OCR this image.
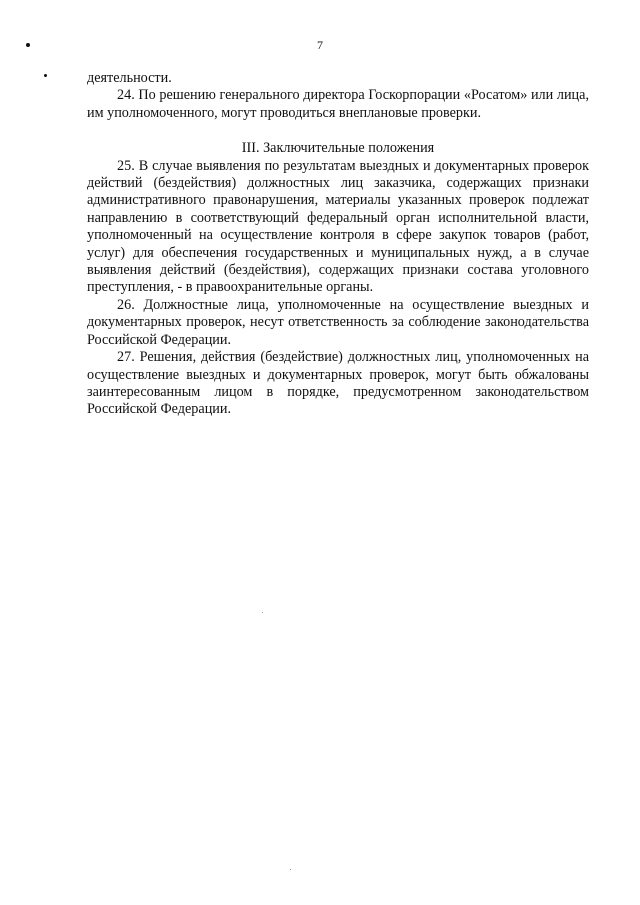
7

деятельности.

24. По решению генерального директора Госкорпорации «Росатом» или лица, им уполномоченного, могут проводиться внеплановые проверки.

III. Заключительные положения

25. В случае выявления по результатам выездных и документарных проверок действий (бездействия) должностных лиц заказчика, содержащих признаки административного правонарушения, материалы указанных проверок подлежат направлению в соответствующий федеральный орган исполнительной власти, уполномоченный на осуществление контроля в сфере закупок товаров (работ, услуг) для обеспечения государственных и муниципальных нужд, а в случае выявления действий (бездействия), содержащих признаки состава уголовного преступления, - в правоохранительные органы.

26. Должностные лица, уполномоченные на осуществление выездных и документарных проверок, несут ответственность за соблюдение законодательства Российской Федерации.

27. Решения, действия (бездействие) должностных лиц, уполномоченных на осуществление выездных и документарных проверок, могут быть обжалованы заинтересованным лицом в порядке, предусмотренном законодательством Российской Федерации.
